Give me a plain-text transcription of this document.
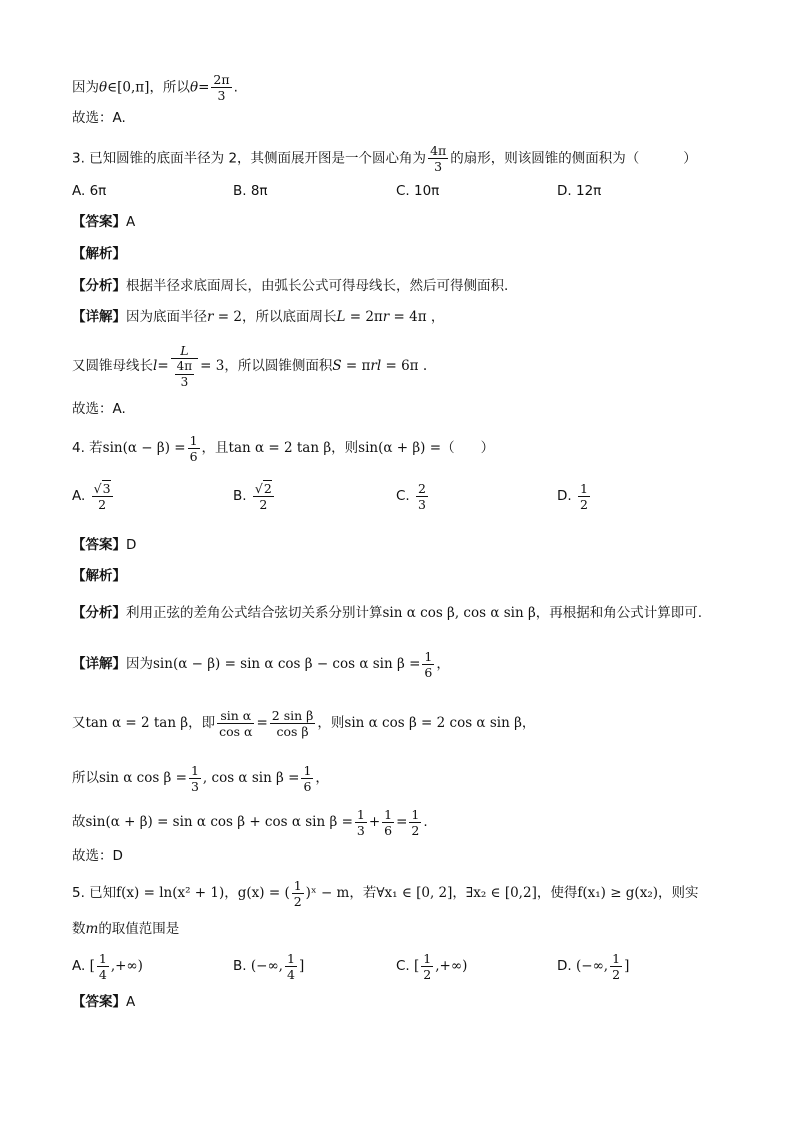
因为θ∈[0,π]，所以$\theta= \frac{2\pi}{3}$ .
故选：A.
3. 已知圆锥的底面半径为 2，其侧面展开图是一个圆心角为 $\frac{4\pi}{3}$ 的扇形，则该圆锥的侧面积为（	）
A. 6π	B. 8π	C. 10π	D. 12π
【答案】A
【解析】
【分析】根据半径求底面周长，由弧长公式可得母线长，然后可得侧面积.
【详解】因为底面半径r = 2，所以底面周长L = 2πr = 4π ，
又圆锥母线长$l= \frac{L}{\frac{4\pi}{3}} = 3$，所以圆锥侧面积S = πrl = 6π .
故选：A.
4. 若$\sin(\alpha - \beta) = \frac{1}{6}$ ，且tan α = 2 tan β，则sin(α + β) =（ ）
A. $\frac{√3}{2}$	B. $\frac{√2}{2}$	C. $\frac{2}{3}$	D. $\frac{1}{2}$
【答案】D
【解析】
【分析】利用正弦的差角公式结合弦切关系分别计算sin α cos β, cos α sin β，再根据和角公式计算即可.
【详解】因为sin(α − β) = sin α cos β − cos α $\sin \beta = \frac{1}{6}$ ，
又tan α = 2 tan β，即 $\frac{\text{sin α}}{\text{cos α}} = \frac{\text{2 sin β}}{\text{cos β}}$ ，则sin α cos β = 2 cos α sin β，
所以sin α $\cos \beta = \frac{1}{3}$ , cos α $\sin \beta = \frac{1}{6}$ ，
故sin(α + β) = sin α cos β + cos α $\sin \beta = \frac{1}{3} + \frac{1}{6} = \frac{1}{2}$ .
故选：D
5. 已知f(x) = ln(x² + 1)，g(x) = ( $\frac{1}{2}$ )ˣ − m，若∀x₁ ∈ [0, 2]，∃x₂ ∈ [0,2]，使得f(x₁) ≥ g(x₂)，则实
数m的取值范围是
A. [ $\frac{1}{4}$ ,+∞)	B. (−∞, $\frac{1}{4}$ ]	C. [ $\frac{1}{2}$ ,+∞)	D. (−∞, $\frac{1}{2}$ ]
【答案】A
